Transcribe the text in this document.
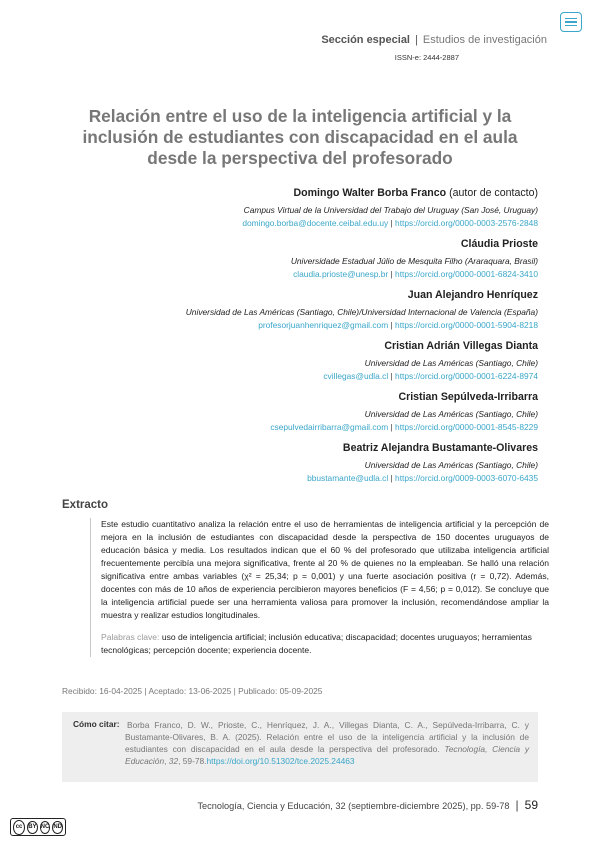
Sección especial | Estudios de investigación
ISSN-e: 2444-2887
Relación entre el uso de la inteligencia artificial y la inclusión de estudiantes con discapacidad en el aula desde la perspectiva del profesorado
Domingo Walter Borba Franco (autor de contacto)
Campus Virtual de la Universidad del Trabajo del Uruguay (San José, Uruguay)
domingo.borba@docente.ceibal.edu.uy | https://orcid.org/0000-0003-2576-2848
Cláudia Prioste
Universidade Estadual Júlio de Mesquita Filho (Araraquara, Brasil)
claudia.prioste@unesp.br | https://orcid.org/0000-0001-6824-3410
Juan Alejandro Henríquez
Universidad de Las Américas (Santiago, Chile)/Universidad Internacional de Valencia (España)
profesorjuanhenriquez@gmail.com | https://orcid.org/0000-0001-5904-8218
Cristian Adrián Villegas Dianta
Universidad de Las Américas (Santiago, Chile)
cvillegas@udla.cl | https://orcid.org/0000-0001-6224-8974
Cristian Sepúlveda-Irribarra
Universidad de Las Américas (Santiago, Chile)
csepulvedairribarra@gmail.com | https://orcid.org/0000-0001-8545-8229
Beatriz Alejandra Bustamante-Olivares
Universidad de Las Américas (Santiago, Chile)
bbustamante@udla.cl | https://orcid.org/0009-0003-6070-6435
Extracto
Este estudio cuantitativo analiza la relación entre el uso de herramientas de inteligencia artificial y la percepción de mejora en la inclusión de estudiantes con discapacidad desde la perspectiva de 150 docentes uruguayos de educación básica y media. Los resultados indican que el 60 % del profesorado que utilizaba inteligencia artificial frecuentemente percibía una mejora significativa, frente al 20 % de quienes no la empleaban. Se halló una relación significativa entre ambas variables (χ² = 25,34; p = 0,001) y una fuerte asociación positiva (r = 0,72). Además, docentes con más de 10 años de experiencia percibieron mayores beneficios (F = 4,56; p = 0,012). Se concluye que la inteligencia artificial puede ser una herramienta valiosa para promover la inclusión, recomendándose ampliar la muestra y realizar estudios longitudinales.
Palabras clave: uso de inteligencia artificial; inclusión educativa; discapacidad; docentes uruguayos; herramientas tecnológicas; percepción docente; experiencia docente.
Recibido: 16-04-2025 | Aceptado: 13-06-2025 | Publicado: 05-09-2025
Cómo citar: Borba Franco, D. W., Prioste, C., Henríquez, J. A., Villegas Dianta, C. A., Sepúlveda-Irribarra, C. y Bustamante-Olivares, B. A. (2025). Relación entre el uso de la inteligencia artificial y la inclusión de estudiantes con discapacidad en el aula desde la perspectiva del profesorado. Tecnología, Ciencia y Educación, 32, 59-78.https://doi.org/10.51302/tce.2025.24463
Tecnología, Ciencia y Educación, 32 (septiembre-diciembre 2025), pp. 59-78 | 59
cc BY NC ND
